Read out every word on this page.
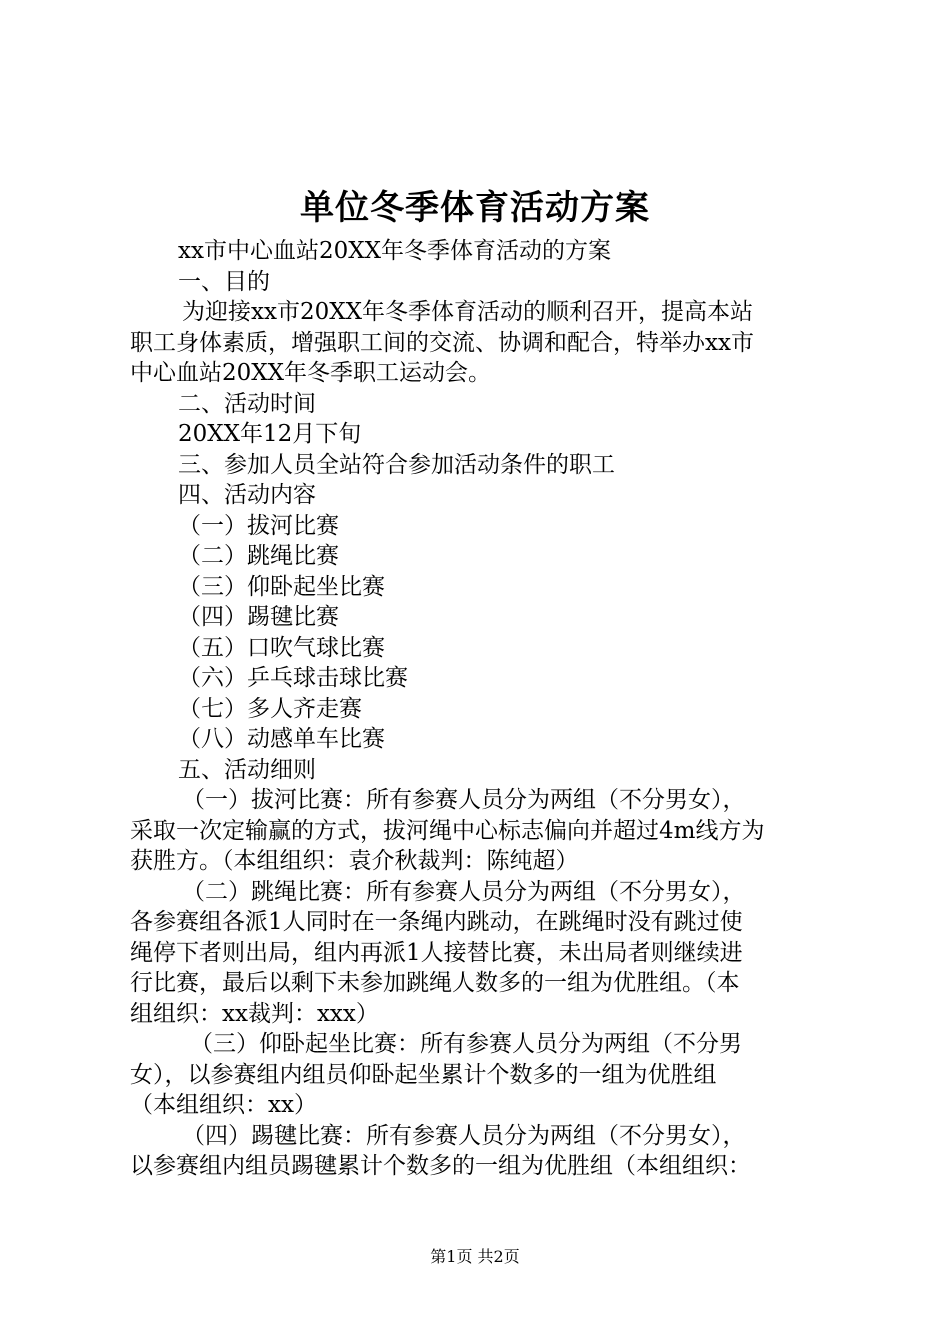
单位冬季体育活动方案
xx市中心血站20XX年冬季体育活动的方案
一、目的
为迎接xx市20XX年冬季体育活动的顺利召开，提高本站
职工身体素质，增强职工间的交流、协调和配合，特举办xx市
中心血站20XX年冬季职工运动会。
二、活动时间
20XX年12月下旬
三、参加人员全站符合参加活动条件的职工
四、活动内容
（一）拔河比赛
（二）跳绳比赛
（三）仰卧起坐比赛
（四）踢毽比赛
（五）口吹气球比赛
（六）乒乓球击球比赛
（七）多人齐走赛
（八）动感单车比赛
五、活动细则
（一）拔河比赛：所有参赛人员分为两组（不分男女），
采取一次定输赢的方式，拔河绳中心标志偏向并超过4m线方为
获胜方。（本组组织：袁介秋裁判：陈纯超）
（二）跳绳比赛：所有参赛人员分为两组（不分男女），
各参赛组各派1人同时在一条绳内跳动，在跳绳时没有跳过使
绳停下者则出局，组内再派1人接替比赛，未出局者则继续进
行比赛，最后以剩下未参加跳绳人数多的一组为优胜组。（本
组组织：xx裁判：xxx）
（三）仰卧起坐比赛：所有参赛人员分为两组（不分男
女），以参赛组内组员仰卧起坐累计个数多的一组为优胜组
（本组组织：xx）
（四）踢毽比赛：所有参赛人员分为两组（不分男女），
以参赛组内组员踢毽累计个数多的一组为优胜组（本组组织：
第1页 共2页
